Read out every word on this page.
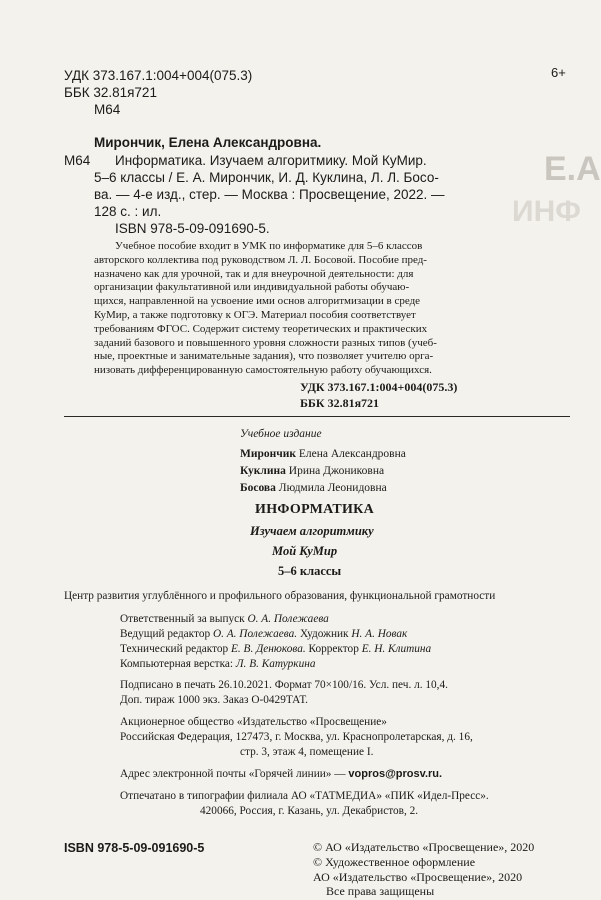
Е.А
ИНФ
УДК 373.167.1:004+004(075.3)
ББК 32.81я721
М64
6+
Мирончик, Елена Александровна.
М64 Информатика. Изучаем алгоритмику. Мой КуМир.
5–6 классы / Е. А. Мирончик, И. Д. Куклина, Л. Л. Босо-
ва. — 4-е изд., стер. — Москва : Просвещение, 2022. —
128 с. : ил.
ISBN 978-5-09-091690-5.

Учебное пособие входит в УМК по информатике для 5–6 классов

авторского коллектива под руководством Л. Л. Босовой. Пособие пред-

назначено как для урочной, так и для внеурочной деятельности: для

организации факультативной или индивидуальной работы обучаю-

щихся, направленной на усвоение ими основ алгоритмизации в среде

КуМир, а также подготовку к ОГЭ. Материал пособия соответствует

требованиям ФГОС. Содержит систему теоретических и практических

заданий базового и повышенного уровня сложности разных типов (учеб-

ные, проектные и занимательные задания), что позволяет учителю орга-

низовать дифференцированную самостоятельную работу обучающихся.

УДК 373.167.1:004+004(075.3)
ББК 32.81я721
Учебное издание
Мирончик Елена Александровна
Куклина Ирина Джониковна
Босова Людмила Леонидовна
ИНФОРМАТИКА
Изучаем алгоритмику
Мой КуМир
5–6 классы
Центр развития углублённого и профильного образования, функциональной грамотности
Ответственный за выпуск О. А. Полежаева
Ведущий редактор О. А. Полежаева. Художник Н. А. Новак
Технический редактор Е. В. Денюкова. Корректор Е. Н. Клитина
Компьютерная верстка: Л. В. Катуркина
Подписано в печать 26.10.2021. Формат 70×100/16. Усл. печ. л. 10,4.
Доп. тираж 1000 экз. Заказ О-0429ТАТ.
Акционерное общество «Издательство «Просвещение»
Российская Федерация, 127473, г. Москва, ул. Краснопролетарская, д. 16,
стр. 3, этаж 4, помещение I.
Адрес электронной почты «Горячей линии» — vopros@prosv.ru.
Отпечатано в типографии филиала АО «ТАТМЕДИА» «ПИК «Идел-Пресс».
420066, Россия, г. Казань, ул. Декабристов, 2.
ISBN 978-5-09-091690-5	© АО «Издательство «Просвещение», 2020
© Художественное оформление
АО «Издательство «Просвещение», 2020
Все права защищены
